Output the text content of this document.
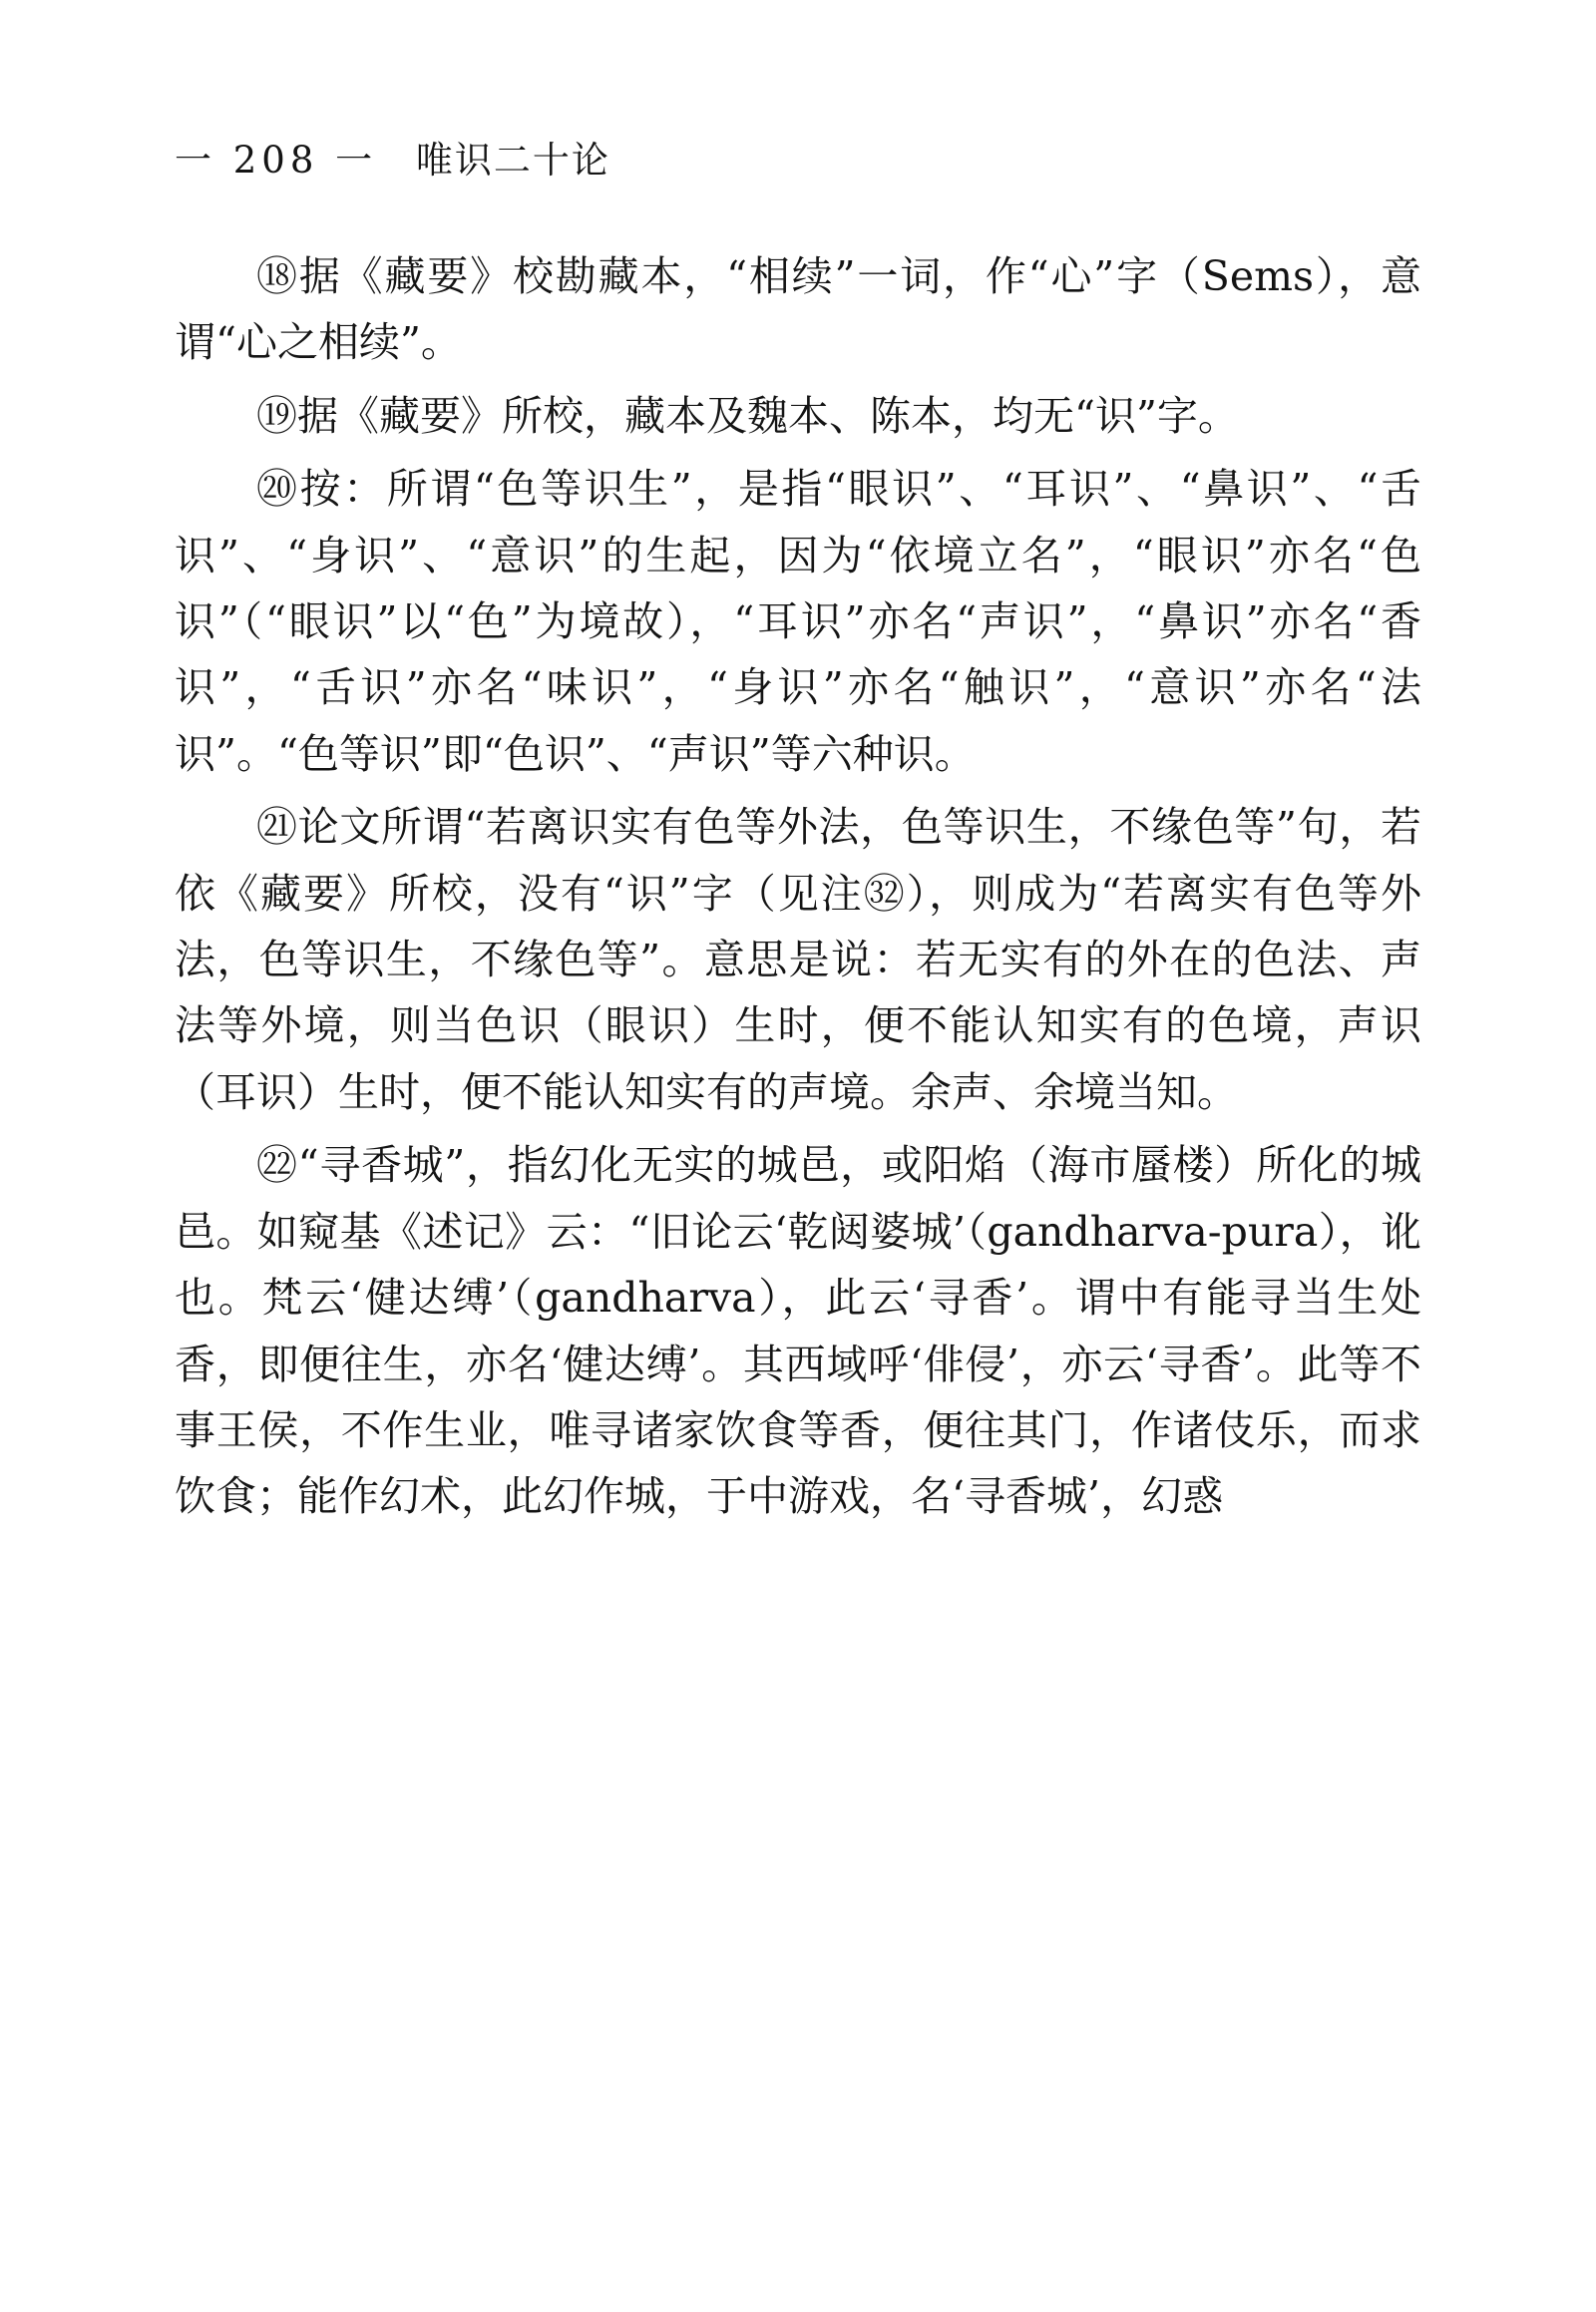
一 208 一 唯识二十论

⑱据《藏要》校勘藏本，“相续”一词，作“心”字（Sems），意谓“心之相续”。

⑲据《藏要》所校，藏本及魏本、陈本，均无“识”字。

⑳按：所谓“色等识生”，是指“眼识”、“耳识”、“鼻识”、“舌识”、“身识”、“意识”的生起，因为“依境立名”，“眼识”亦名“色识”（“眼识”以“色”为境故），“耳识”亦名“声识”，“鼻识”亦名“香识”，“舌识”亦名“味识”，“身识”亦名“触识”，“意识”亦名“法识”。“色等识”即“色识”、“声识”等六种识。

㉑论文所谓“若离识实有色等外法，色等识生，不缘色等”句，若依《藏要》所校，没有“识”字（见注㉜），则成为“若离实有色等外法，色等识生，不缘色等”。意思是说：若无实有的外在的色法、声法等外境，则当色识（眼识）生时，便不能认知实有的色境，声识（耳识）生时，便不能认知实有的声境。余声、余境当知。

㉒“寻香城”，指幻化无实的城邑，或阳焰（海市蜃楼）所化的城邑。如窥基《述记》云：“旧论云‘乾闼婆城’（gandharva-pura），讹也。梵云‘健达缚’（gandharva），此云‘寻香’。谓中有能寻当生处香，即便往生，亦名‘健达缚’。其西域呼‘俳侵’，亦云‘寻香’。此等不事王侯，不作生业，唯寻诸家饮食等香，便往其门，作诸伎乐，而求饮食；能作幻术，此幻作城，于中游戏，名‘寻香城’，幻惑
